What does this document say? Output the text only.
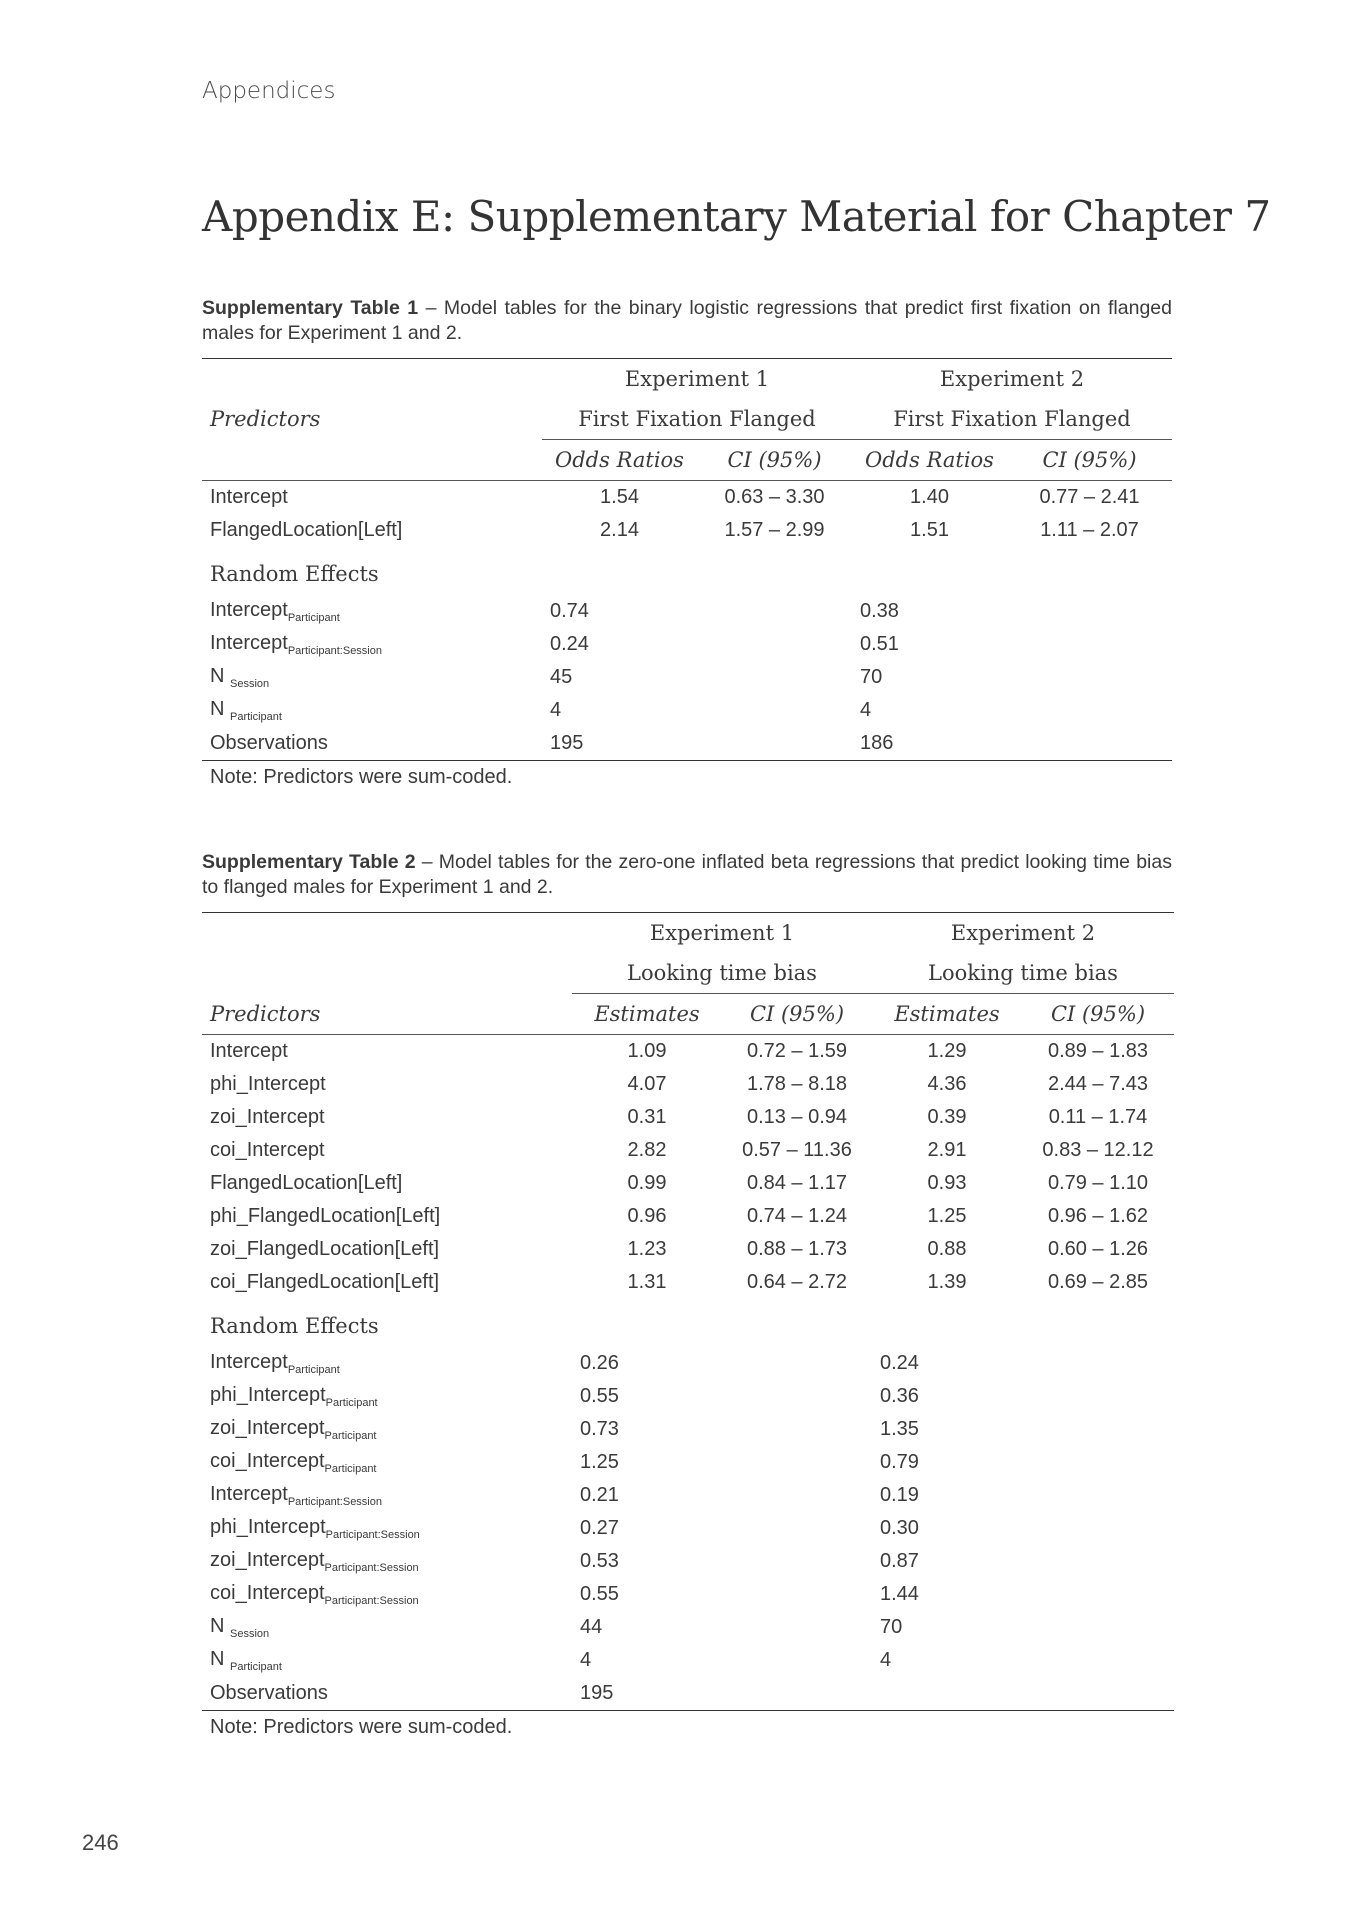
Appendices
Appendix E: Supplementary Material for Chapter 7
Supplementary Table 1 – Model tables for the binary logistic regressions that predict first fixation on flanged males for Experiment 1 and 2.
	Experiment 1		Experiment 2	
Predictors	First Fixation Flanged		First Fixation Flanged	
	Odds Ratios	CI (95%)	Odds Ratios	CI (95%)
Intercept	1.54	0.63 – 3.30	1.40	0.77 – 2.41
FlangedLocation[Left]	2.14	1.57 – 2.99	1.51	1.11 – 2.07
Random Effects				
Intercept$_{Participant}$	0.74		0.38	
Intercept$_{Participant:Session}$	0.24		0.51	
N $_{Session}$	45		70	
N $_{Participant}$	4		4	
Observations	195		186	
Note: Predictors were sum-coded.				
Supplementary Table 2 – Model tables for the zero-one inflated beta regressions that predict looking time bias to flanged males for Experiment 1 and 2.
	Experiment 1		Experiment 2	
	Looking time bias		Looking time bias	
Predictors	Estimates	CI (95%)	Estimates	CI (95%)
Intercept	1.09	0.72 – 1.59	1.29	0.89 – 1.83
phi_Intercept	4.07	1.78 – 8.18	4.36	2.44 – 7.43
zoi_Intercept	0.31	0.13 – 0.94	0.39	0.11 – 1.74
coi_Intercept	2.82	0.57 – 11.36	2.91	0.83 – 12.12
FlangedLocation[Left]	0.99	0.84 – 1.17	0.93	0.79 – 1.10
phi_FlangedLocation[Left]	0.96	0.74 – 1.24	1.25	0.96 – 1.62
zoi_FlangedLocation[Left]	1.23	0.88 – 1.73	0.88	0.60 – 1.26
coi_FlangedLocation[Left]	1.31	0.64 – 2.72	1.39	0.69 – 2.85
Random Effects				
Intercept$_{Participant}$	0.26		0.24	
phi_Intercept$_{Participant}$	0.55		0.36	
zoi_Intercept$_{Participant}$	0.73		1.35	
coi_Intercept$_{Participant}$	1.25		0.79	
Intercept$_{Participant:Session}$	0.21		0.19	
phi_Intercept$_{Participant:Session}$	0.27		0.30	
zoi_Intercept$_{Participant:Session}$	0.53		0.87	
coi_Intercept$_{Participant:Session}$	0.55		1.44	
N $_{Session}$	44		70	
N $_{Participant}$	4		4	
Observations	195			
Note: Predictors were sum-coded.				
246
